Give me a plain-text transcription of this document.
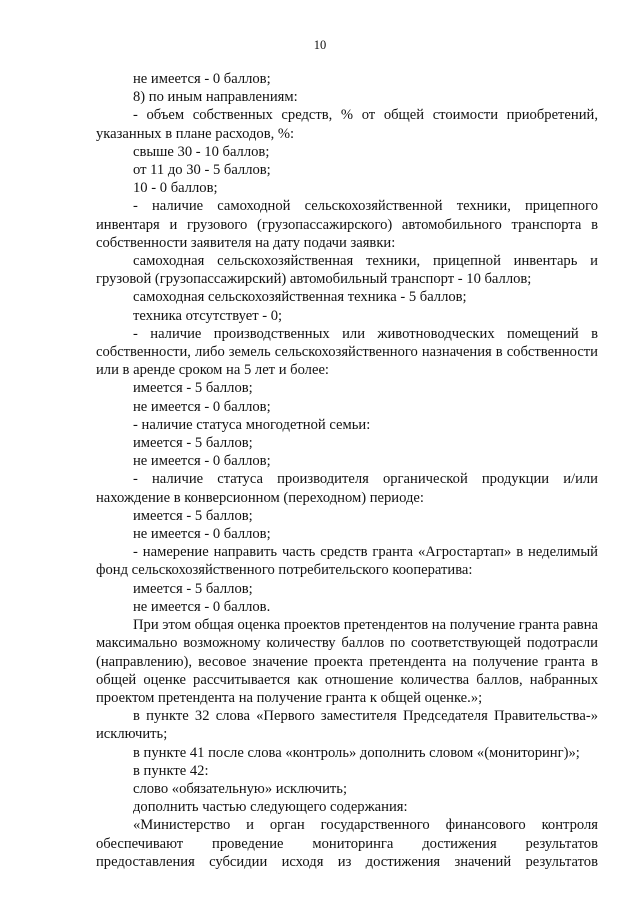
10

не имеется - 0 баллов;

8) по иным направлениям:

- объем собственных средств, % от общей стоимости приобретений, указанных в плане расходов, %:

свыше 30 - 10 баллов;

от 11 до 30 - 5 баллов;

10 - 0 баллов;

- наличие самоходной сельскохозяйственной техники, прицепного инвентаря и грузового (грузопассажирского) автомобильного транспорта в собственности заявителя на дату подачи заявки:

самоходная сельскохозяйственная техники, прицепной инвентарь и грузовой (грузопассажирский) автомобильный транспорт - 10 баллов;

самоходная сельскохозяйственная техника - 5 баллов;

техника отсутствует - 0;

- наличие производственных или животноводческих помещений в собственности, либо земель сельскохозяйственного назначения в собственности или в аренде сроком на 5 лет и более:

имеется - 5 баллов;

не имеется - 0 баллов;

- наличие статуса многодетной семьи:

имеется - 5 баллов;

не имеется - 0 баллов;

- наличие статуса производителя органической продукции и/или нахождение в конверсионном (переходном) периоде:

имеется - 5 баллов;

не имеется - 0 баллов;

- намерение направить часть средств гранта «Агростартап» в неделимый фонд сельскохозяйственного потребительского кооператива:

имеется - 5 баллов;

не имеется - 0 баллов.

При этом общая оценка проектов претендентов на получение гранта равна максимально возможному количеству баллов по соответствующей подотрасли (направлению), весовое значение проекта претендента на получение гранта в общей оценке рассчитывается как отношение количества баллов, набранных проектом претендента на получение гранта к общей оценке.»;

в пункте 32 слова «Первого заместителя Председателя Правительства-» исключить;

в пункте 41 после слова «контроль» дополнить словом «(мониторинг)»;

в пункте 42:

слово «обязательную» исключить;

дополнить частью следующего содержания:

«Министерство и орган государственного финансового контроля обеспечивают проведение мониторинга достижения результатов предоставления субсидии исходя из достижения значений результатов
